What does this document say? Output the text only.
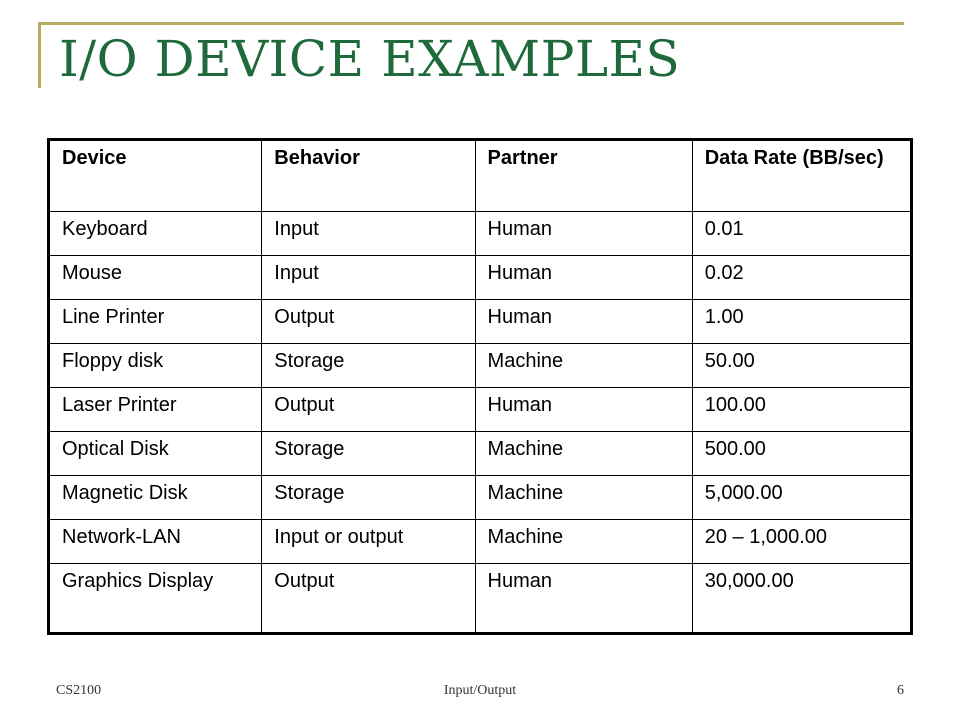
I/O DEVICE EXAMPLES
Device	Behavior	Partner	Data Rate (BB/sec)
Keyboard	Input	Human	0.01
Mouse	Input	Human	0.02
Line Printer	Output	Human	1.00
Floppy disk	Storage	Machine	50.00
Laser Printer	Output	Human	100.00
Optical Disk	Storage	Machine	500.00
Magnetic Disk	Storage	Machine	5,000.00
Network-LAN	Input or output	Machine	20 – 1,000.00
Graphics Display	Output	Human	30,000.00
CS2100	Input/Output	6
